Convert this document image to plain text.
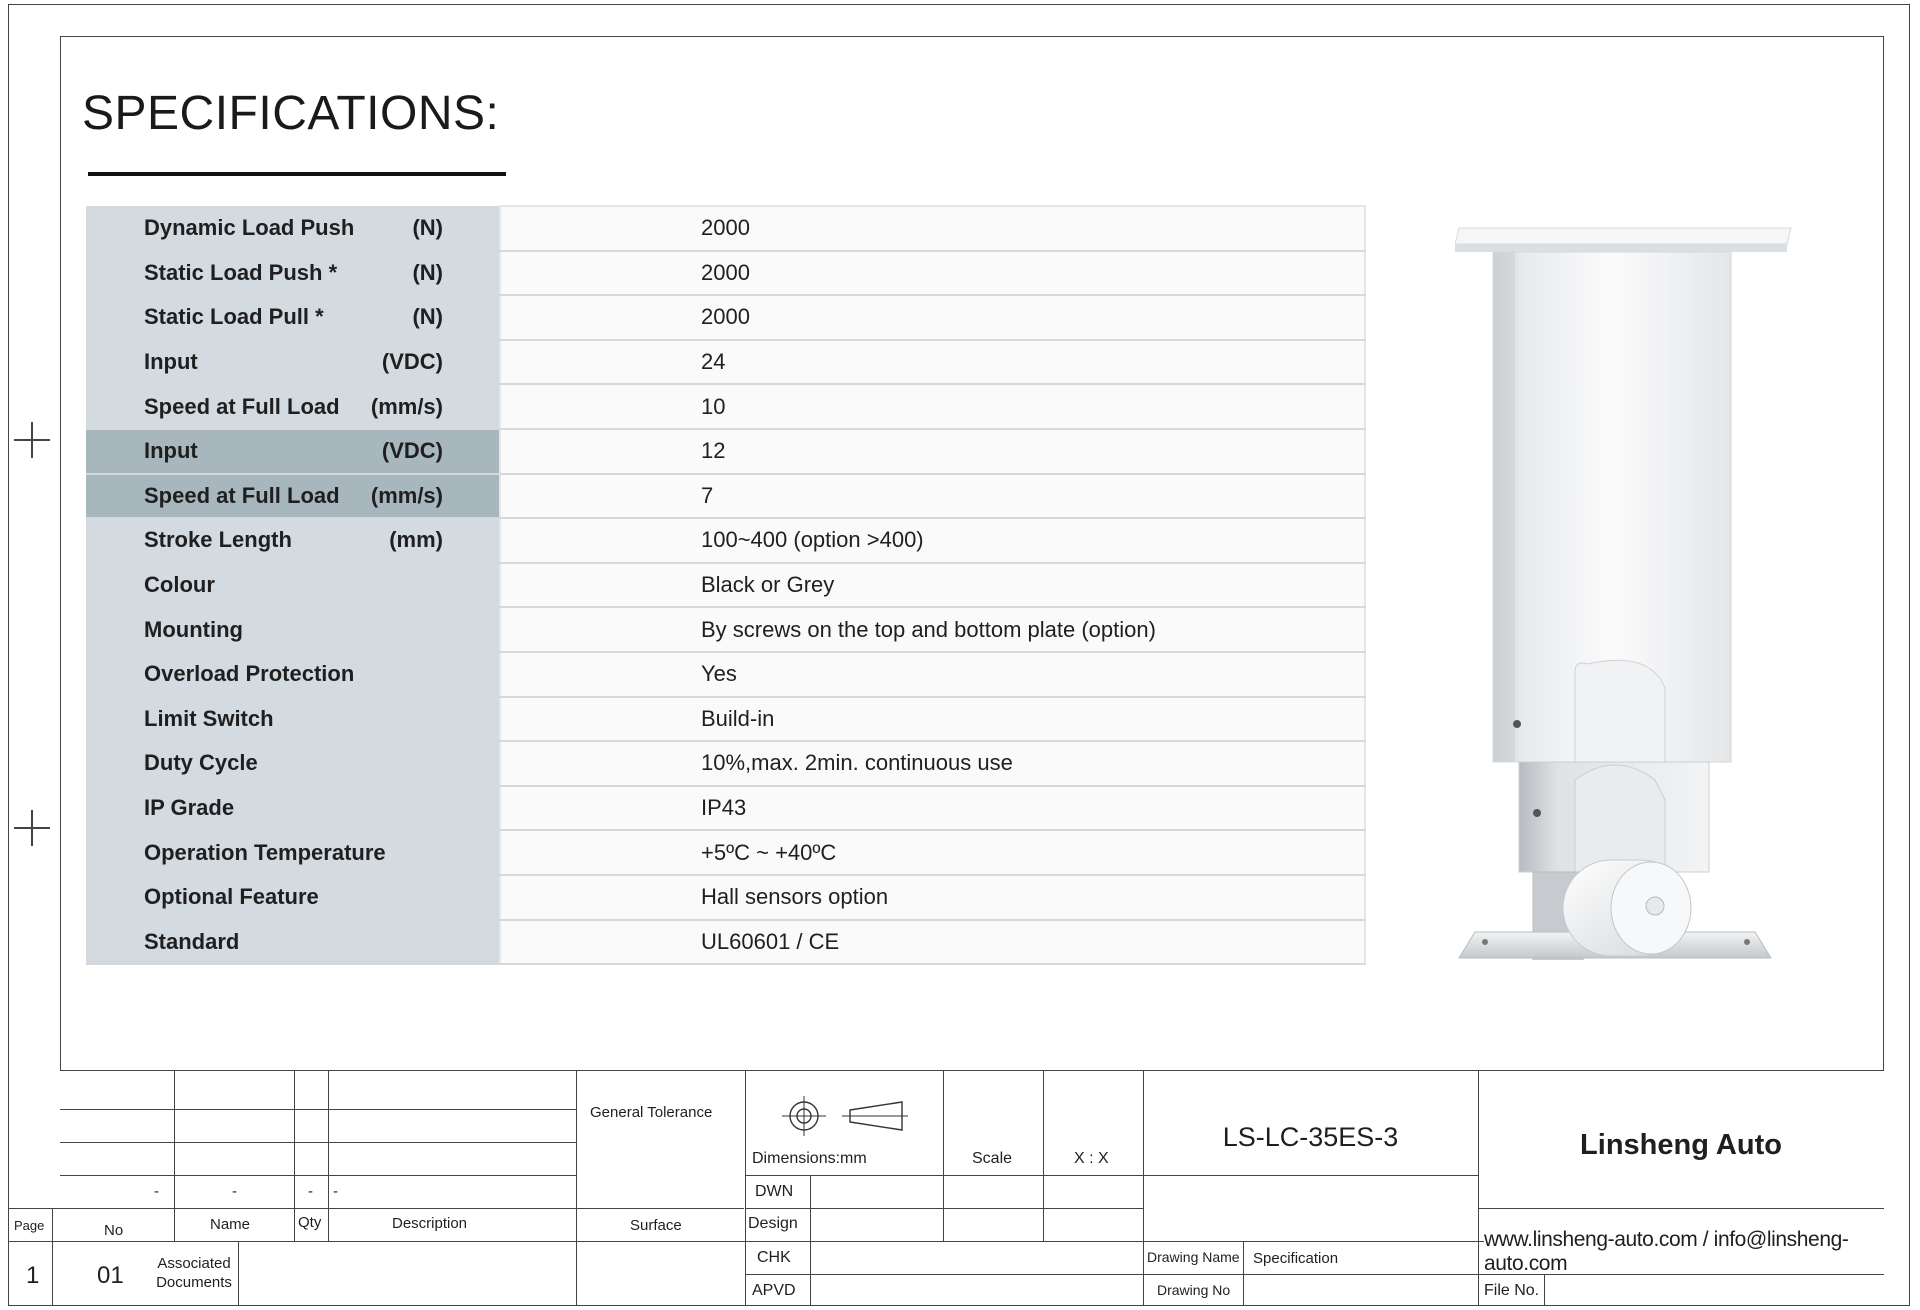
SPECIFICATIONS:
Dynamic Load Push (N)	2000

Static Load Push * (N)	2000

Static Load Pull * (N)	2000

Input (VDC)	24

Speed at Full Load (mm/s)	10

Input (VDC)	12

Speed at Full Load (mm/s)	7

Stroke Length (mm)	100~400 (option >400)

Colour	Black or Grey

Mounting	By screws on the top and bottom plate (option)

Overload Protection	Yes

Limit Switch	Build-in

Duty Cycle	10%,max. 2min. continuous use

IP Grade	IP43

Operation Temperature	+5ºC ~ +40ºC

Optional Feature	Hall sensors option

Standard	UL60601 / CE
-	-	- -
Page	No	Name	Qty	Description	Surface
1 01	Associated Documents
General Tolerance
Dimensions:mm	Scale	X : X
DWN
Design
CHK
APVD
LS-LC-35ES-3
Drawing Name Specification
Drawing No
Linsheng Auto
www.linsheng-auto.com / info@linsheng-auto.com
File No.
